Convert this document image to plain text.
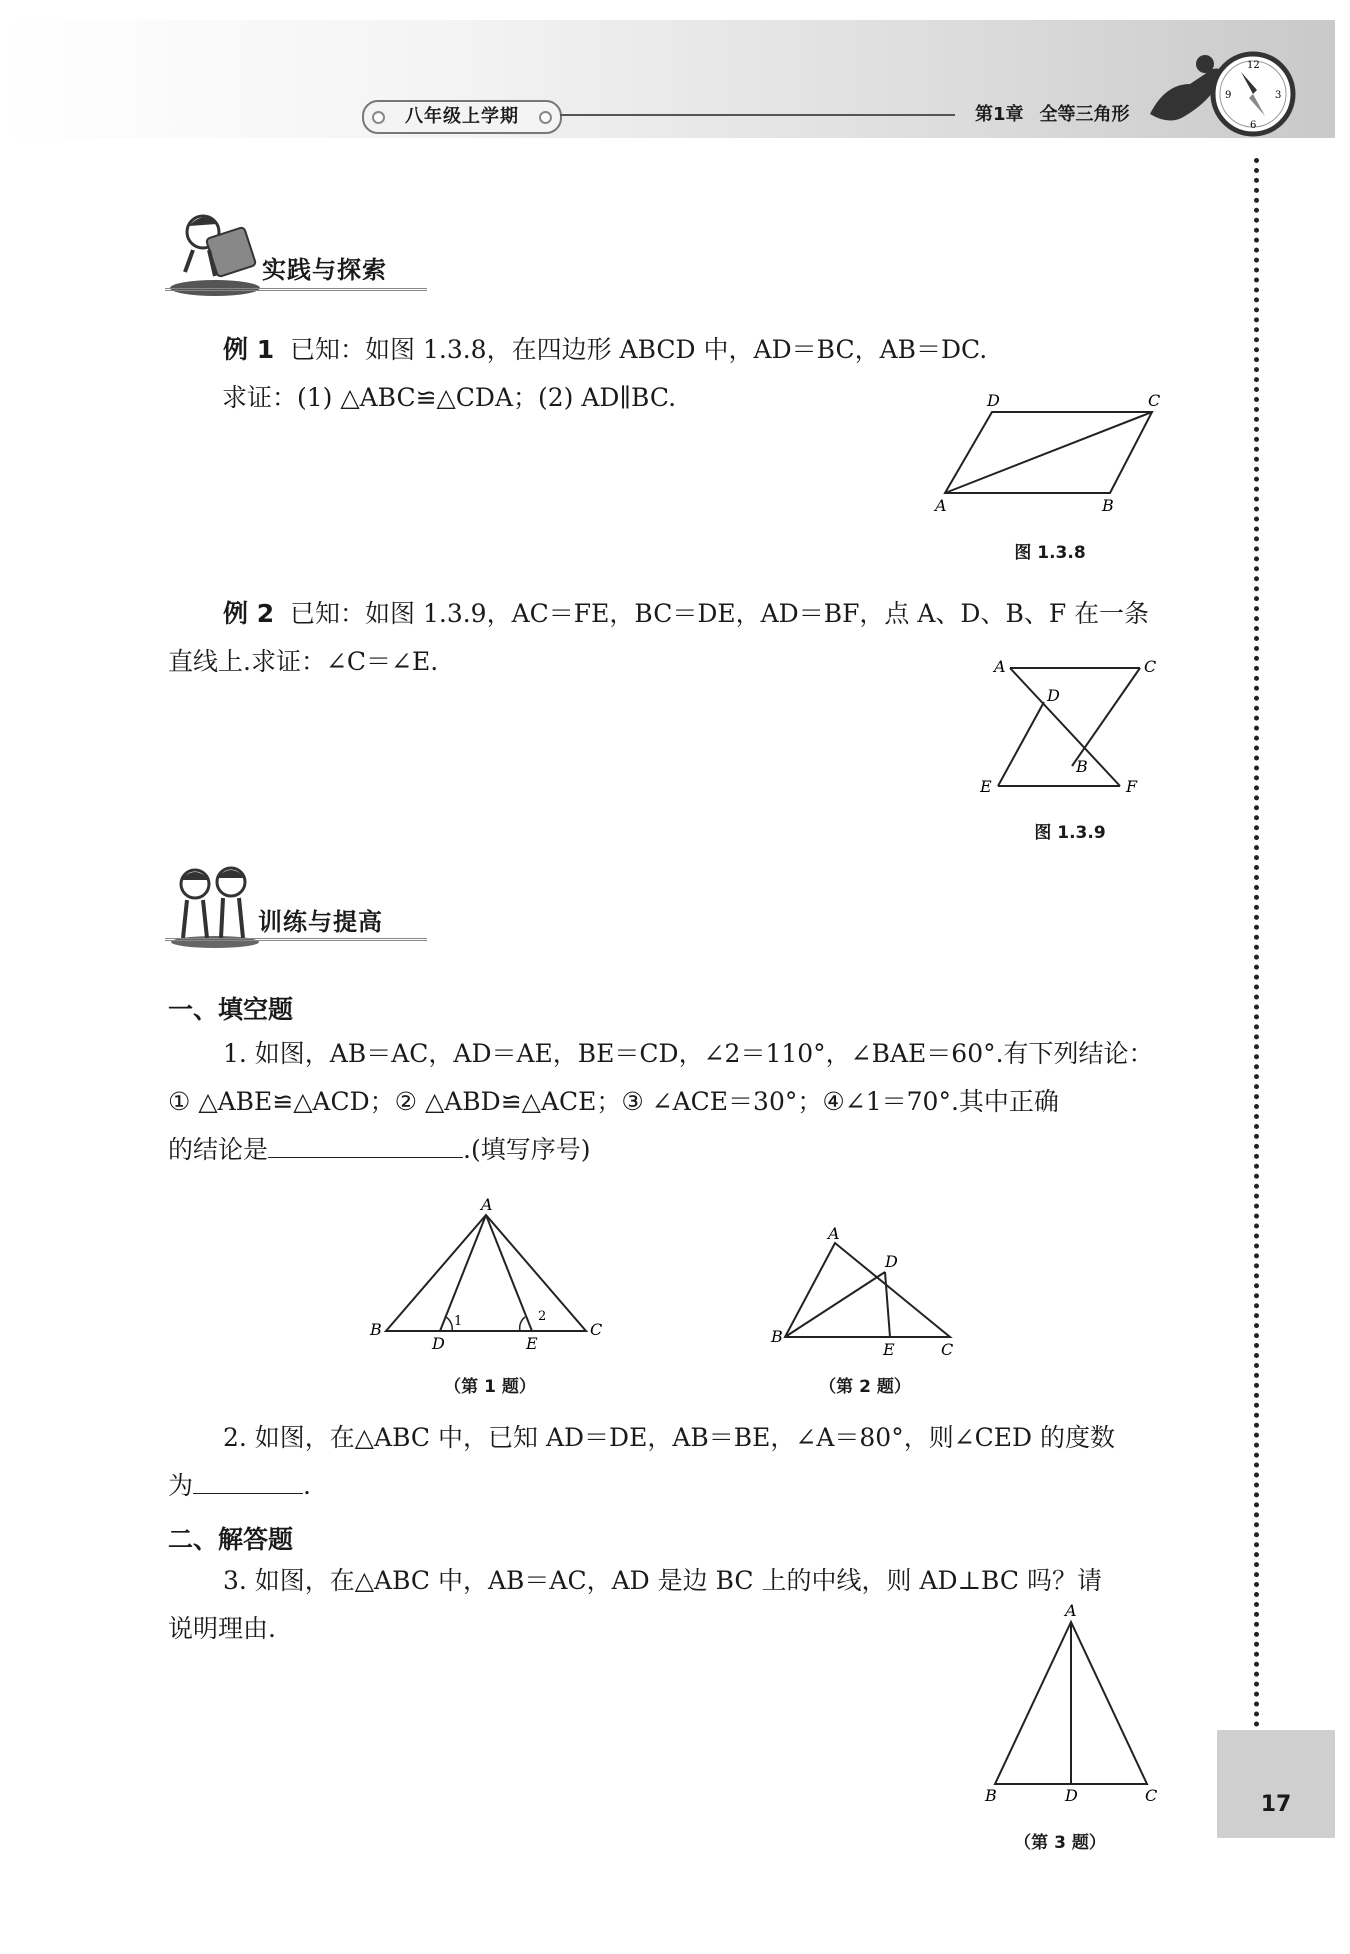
八年级上学期	第1章 全等三角形
12
9	3
6
17
实践与探索
例 1 已知：如图 1.3.8，在四边形 ABCD 中，AD＝BC，AB＝DC.
求证：(1) △ABC≌△CDA；(2) AD∥BC.
A	B
C
D
图 1.3.8
例 2 已知：如图 1.3.9，AC＝FE，BC＝DE，AD＝BF，点 A、D、B、F 在一条
直线上.求证：∠C＝∠E.	A	C
D
B
E	F
图 1.3.9
训练与提高
一、填空题
1. 如图，AB＝AC，AD＝AE，BE＝CD，∠2＝110°，∠BAE＝60°.有下列结论：
① △ABE≌△ACD；② △ABD≌△ACE；③ ∠ACE＝30°；④∠1＝70°.其中正确
的结论是	.(填写序号)
A
B
D	E
C
1	2
（第 1 题）
A
D
B
E	C
（第 2 题）
2. 如图，在△ABC 中，已知 AD＝DE，AB＝BE，∠A＝80°，则∠CED 的度数
为	.
二、解答题
3. 如图，在△ABC 中，AB＝AC，AD 是边 BC 上的中线，则 AD⊥BC 吗？请
说明理由.
A
B	D	C
（第 3 题）
